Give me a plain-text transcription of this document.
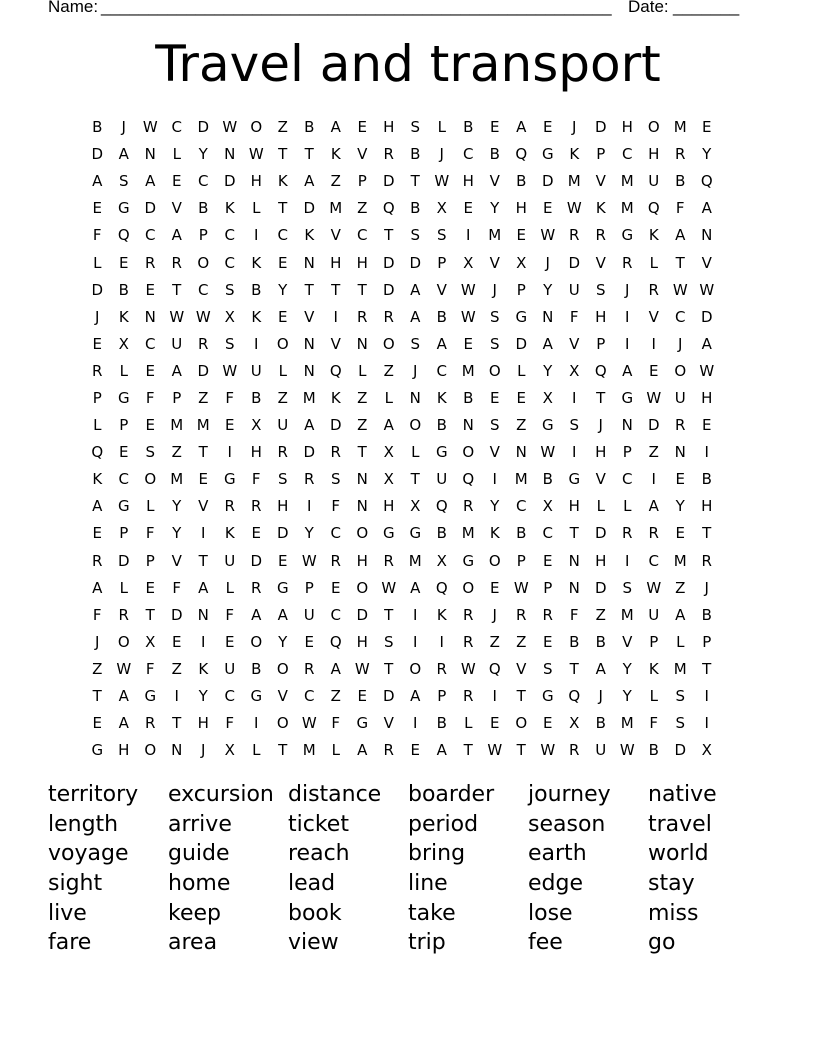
Name: ______________________________________________________ Date: _______
Travel and transport
B	J	W C	D W O	Z	B	A	E	H	S	L	B	E	A	E	J	D	H O M	E
D	A	N	L	Y	N W T	T	K	V	R	B	J	C	B	Q G	K	P	C	H	R	Y
A	S	A	E	C	D	H	K	A	Z	P	D	T W H	V	B	D M V M U	B	Q
E	G D	V	B	K	L	T	D M Z	Q	B	X	E	Y	H	E W K	M Q	F	A
F	Q	C	A	P	C	I	C	K	V	C	T	S	S	I	M	E W R	R	G	K	A	N
L	E	R	R	O	C	K	E	N	H	H	D D	P	X	V	X	J	D	V	R	L	T	V
D	B	E	T	C	S	B	Y	T	T	T	D	A	V W	J	P	Y	U	S	J	R W W
J	K	N W W X	K	E	V	I	R	R	A	B W S	G	N	F	H	I	V	C	D
E	X	C	U	R	S	I	O N	V	N O	S	A	E	S	D	A	V	P	I	I	J	A
R	L	E	A	D W U	L	N Q	L	Z	J	C M O	L	Y	X	Q	A	E	O W
P	G	F	P	Z	F	B	Z M	K	Z	L	N	K	B	E	E	X	I	T	G W U	H
L	P	E	M M	E	X	U	A	D	Z	A	O	B	N	S	Z	G	S	J	N	D	R	E
Q	E	S	Z	T	I	H	R	D	R	T	X	L	G O	V	N W	I	H	P	Z	N	I
K	C	O M	E	G	F	S	R	S	N	X	T	U	Q	I	M B	G	V	C	I	E	B
A	G	L	Y	V	R	R	H	I	F	N	H	X	Q	R	Y	C	X	H	L	L	A	Y	H
E	P	F	Y	I	K	E	D	Y	C	O G G	B M	K	B	C	T	D	R	R	E	T
R	D	P	V	T	U	D	E W R	H	R M X	G O	P	E	N	H	I	C M R
A	L	E	F	A	L	R	G	P	E	O W A	Q O	E W P	N	D	S W Z	J
F	R	T	D	N	F	A	A	U	C	D	T	I	K	R	J	R	R	F	Z M U	A	B
J	O	X	E	I	E	O	Y	E	Q H	S	I	I	R	Z	Z	E	B	B	V	P	L	P
Z W F	Z	K	U	B	O	R	A W T	O	R W Q	V	S	T	A	Y	K	M	T
T	A	G	I	Y	C	G	V	C	Z	E	D	A	P	R	I	T	G Q	J	Y	L	S	I
E	A	R	T	H	F	I	O W F	G	V	I	B	L	E	O	E	X	B M	F	S	I
G	H O N	J	X	L	T	M	L	A	R	E	A	T W T W R	U W B	D	X
territory	excursion distance	boarder	journey	native
length	arrive	ticket	period	season	travel
voyage	guide	reach	bring	earth	world
sight	home	lead	line	edge	stay
live	keep	book	take	lose	miss
fare	area	view	trip	fee	go
